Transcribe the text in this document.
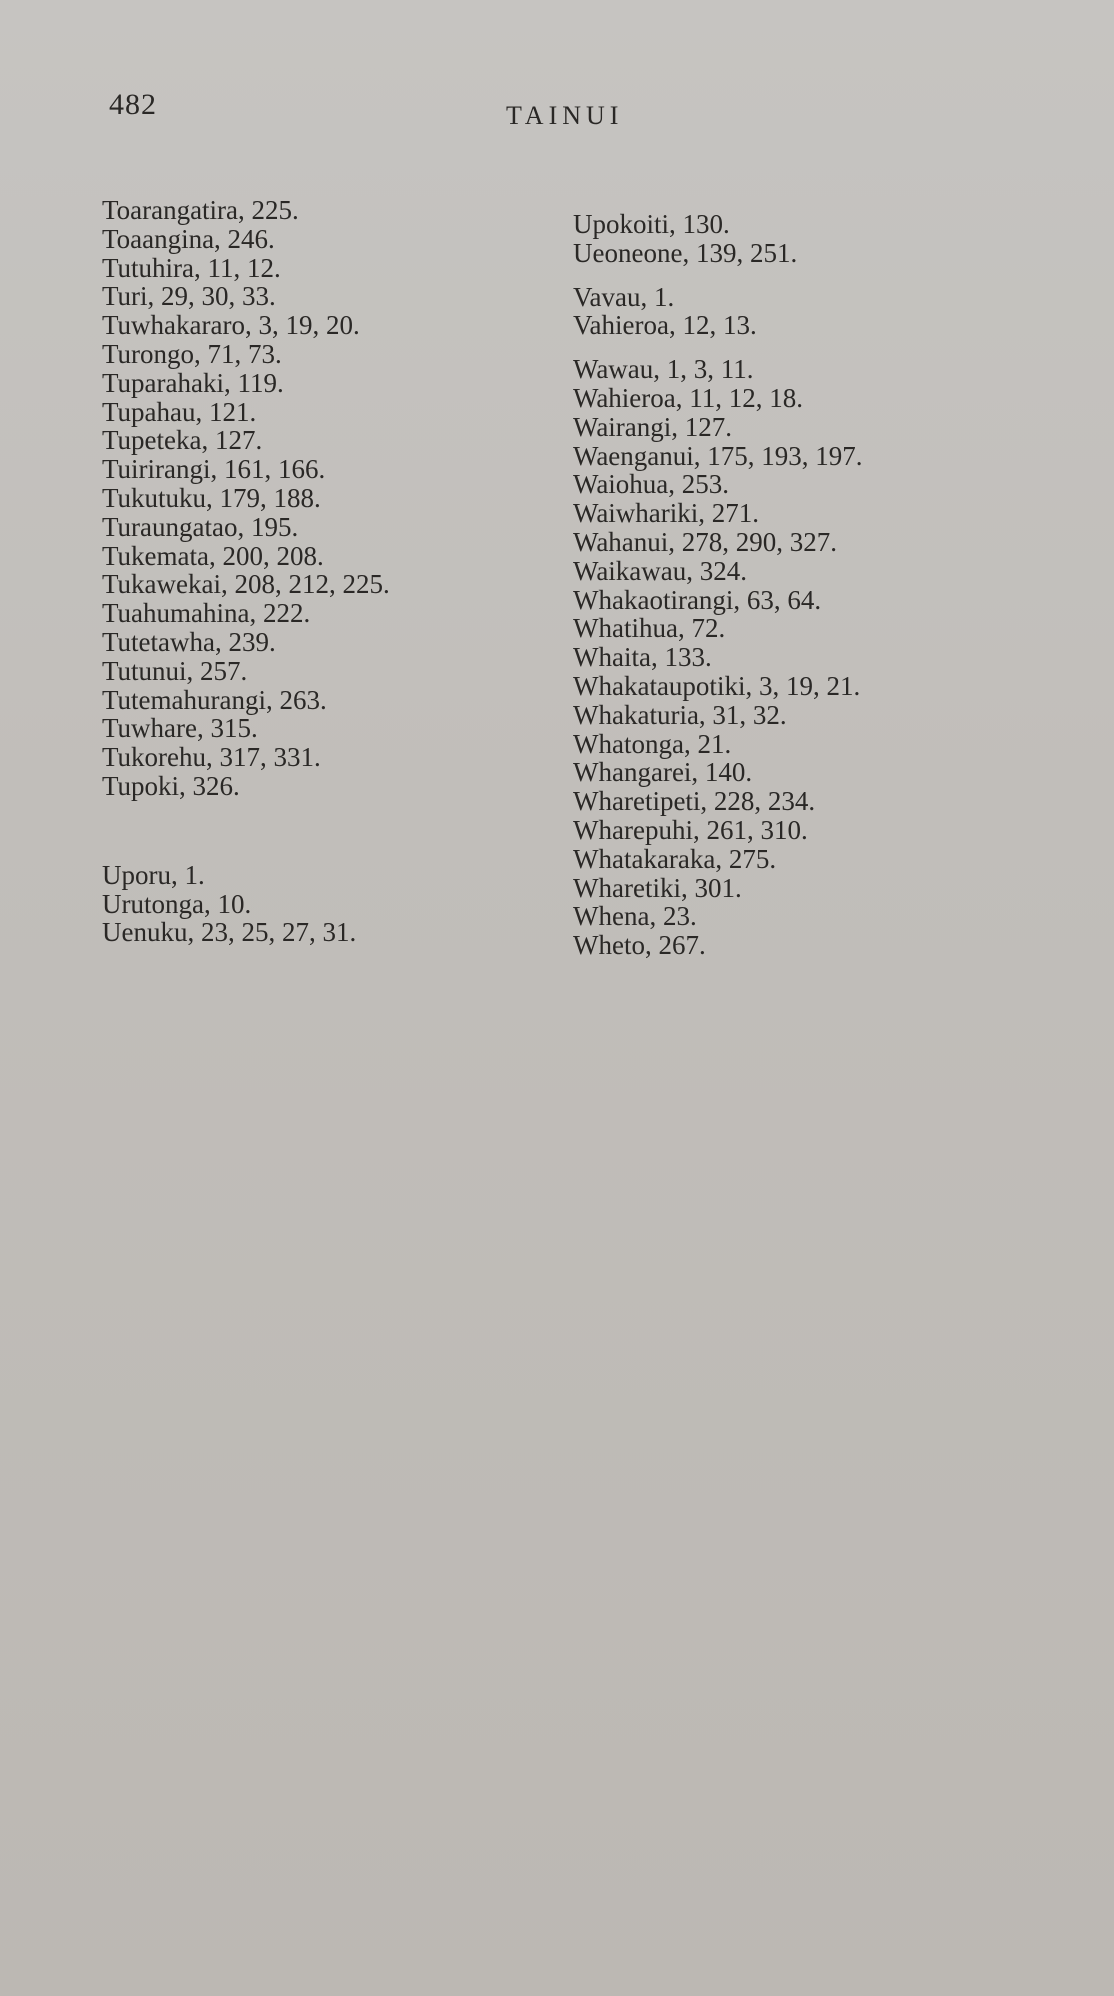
482	TAINUI
Toarangatira, 225.
Toaangina, 246.
Tutuhira, 11, 12.
Turi, 29, 30, 33.
Tuwhakararo, 3, 19, 20.
Turongo, 71, 73.
Tuparahaki, 119.
Tupahau, 121.
Tupeteka, 127.
Tuirirangi, 161, 166.
Tukutuku, 179, 188.
Turaungatao, 195.
Tukemata, 200, 208.
Tukawekai, 208, 212, 225.
Tuahumahina, 222.
Tutetawha, 239.
Tutunui, 257.
Tutemahurangi, 263.
Tuwhare, 315.
Tukorehu, 317, 331.
Tupoki, 326.
Uporu, 1.
Urutonga, 10.
Uenuku, 23, 25, 27, 31.
Upokoiti, 130.
Ueoneone, 139, 251.
Vavau, 1.
Vahieroa, 12, 13.
Wawau, 1, 3, 11.
Wahieroa, 11, 12, 18.
Wairangi, 127.
Waenganui, 175, 193, 197.
Waiohua, 253.
Waiwhariki, 271.
Wahanui, 278, 290, 327.
Waikawau, 324.
Whakaotirangi, 63, 64.
Whatihua, 72.
Whaita, 133.
Whakataupotiki, 3, 19, 21.
Whakaturia, 31, 32.
Whatonga, 21.
Whangarei, 140.
Wharetipeti, 228, 234.
Wharepuhi, 261, 310.
Whatakaraka, 275.
Wharetiki, 301.
Whena, 23.
Wheto, 267.
